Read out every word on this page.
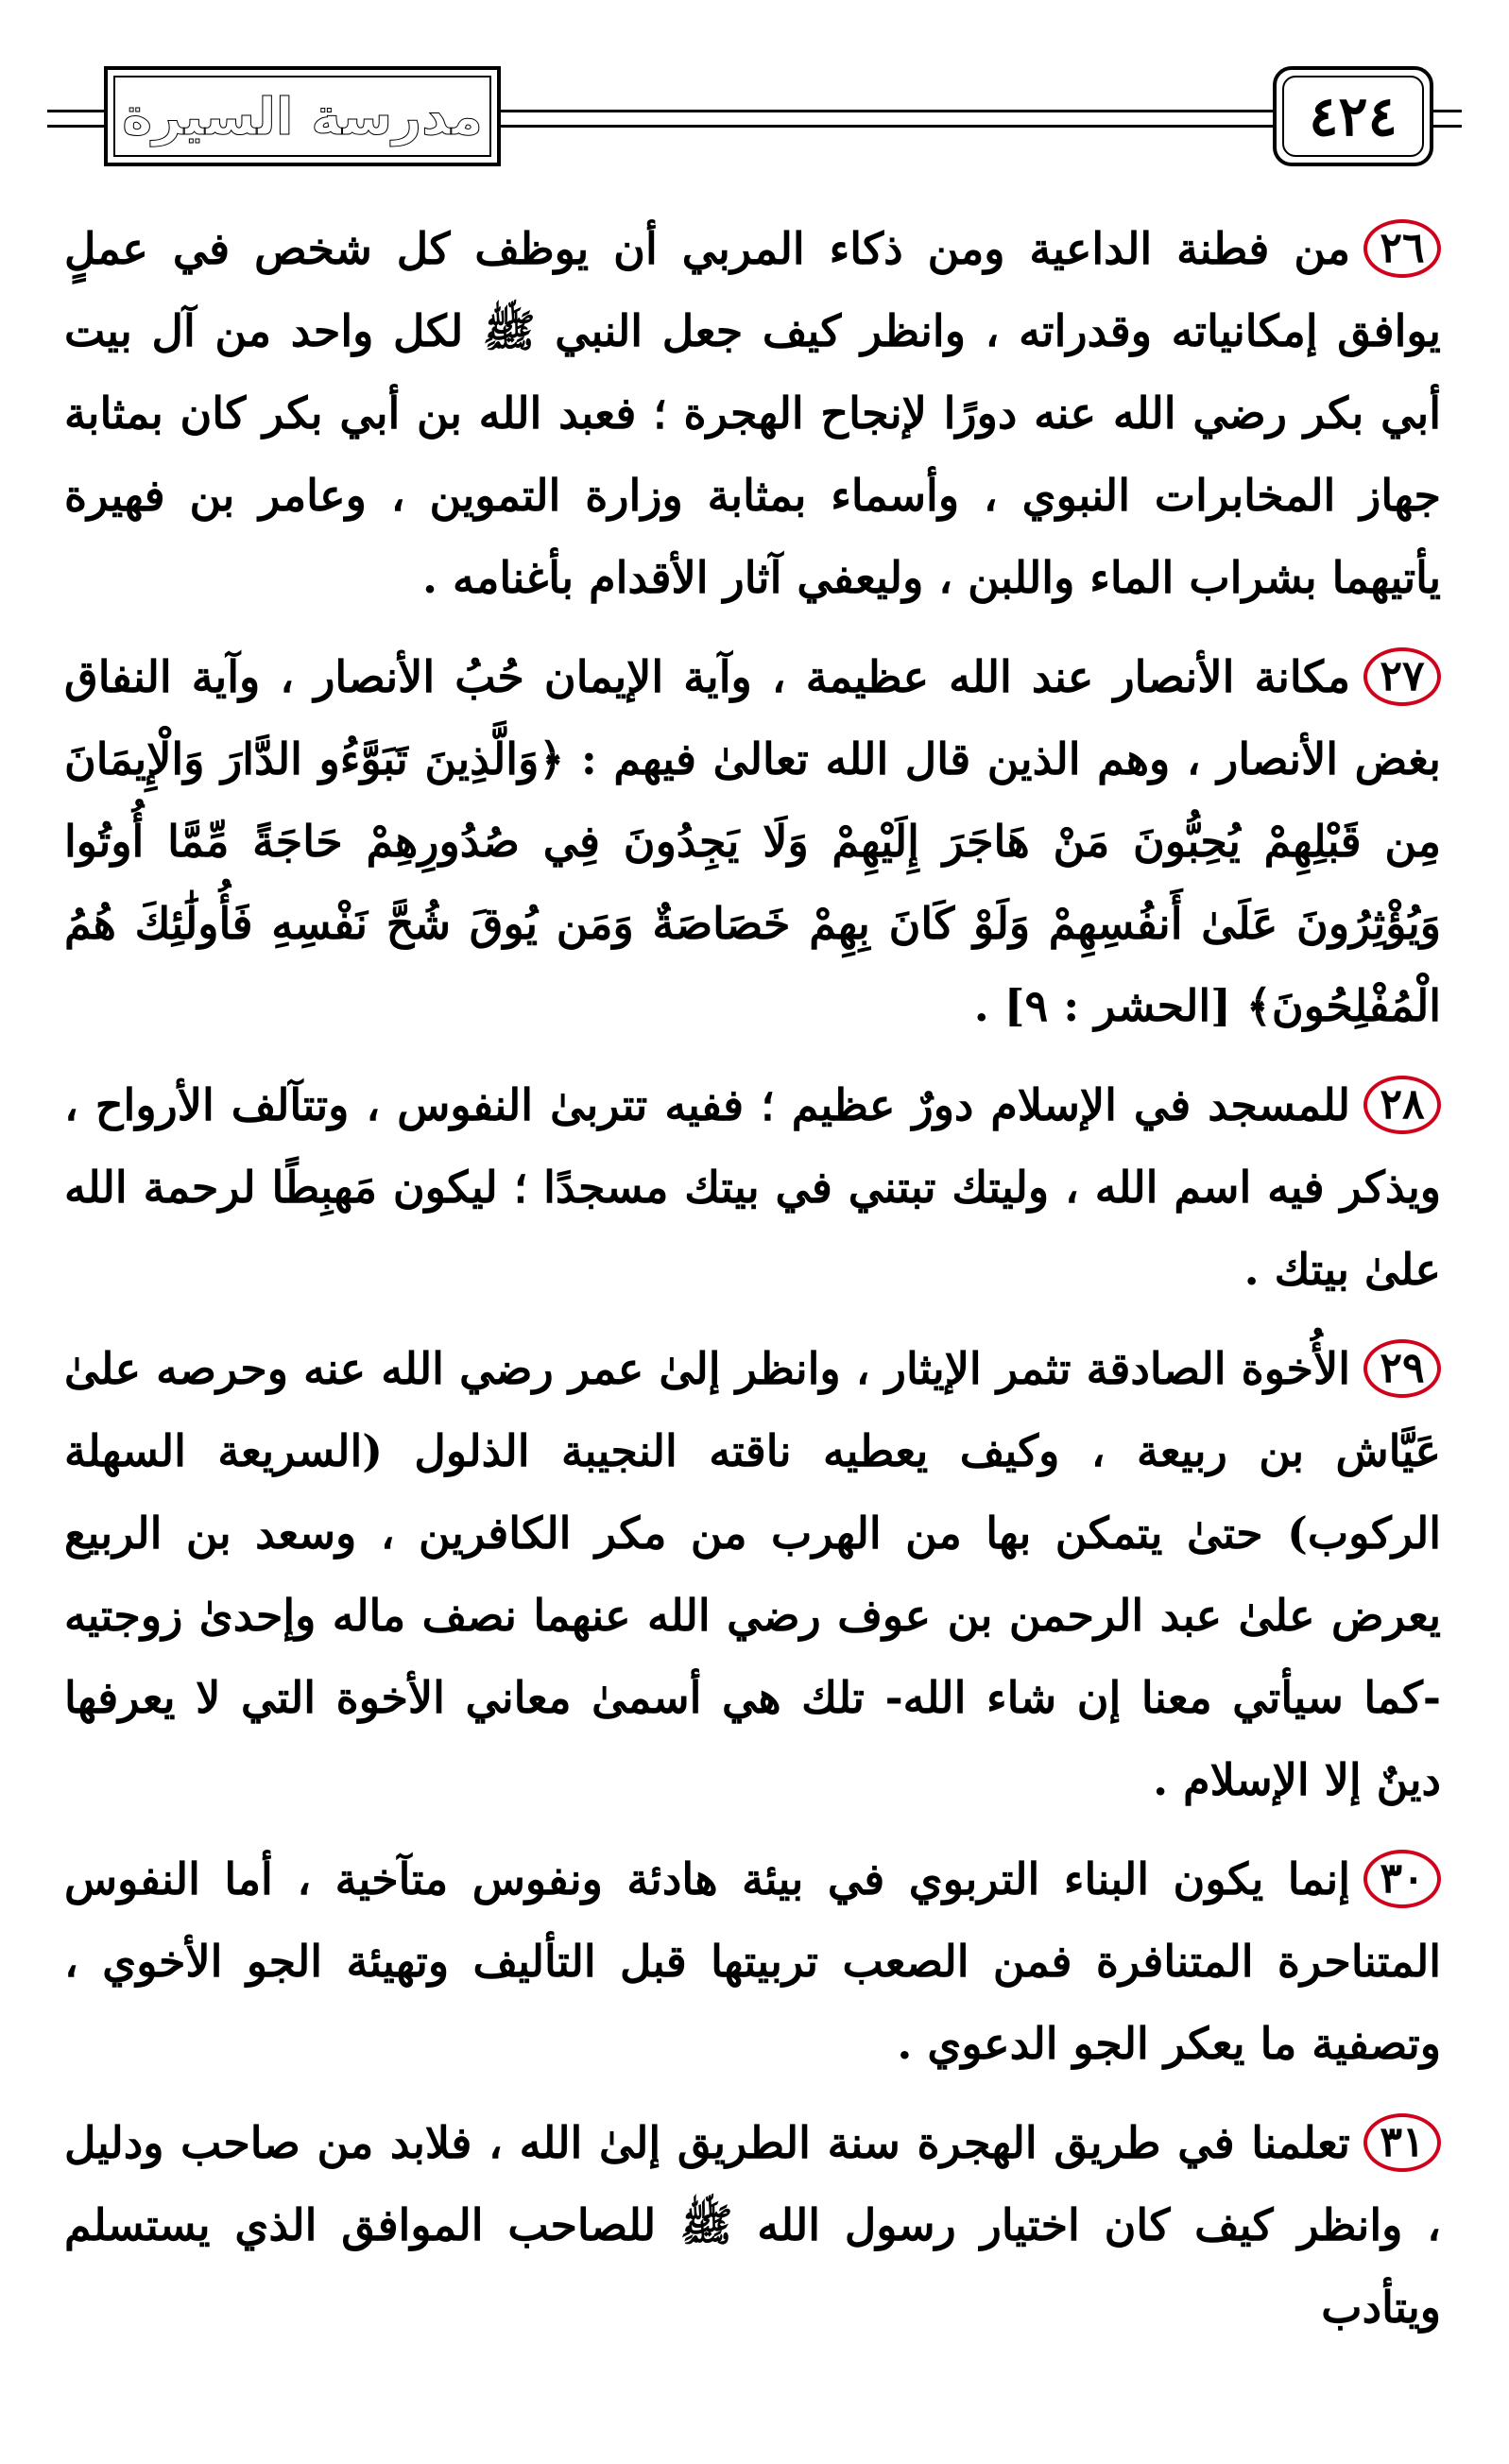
مدرسة السيرة	٤٢٤

٢٦من فطنة الداعية ومن ذكاء المربي أن يوظف كل شخص في عملٍ يوافق إمكانياته وقدراته ، وانظر كيف جعل النبي ﷺ لكل واحد من آل بيت أبي بكر رضي الله عنه دورًا لإنجاح الهجرة ؛ فعبد الله بن أبي بكر كان بمثابة جهاز المخابرات النبوي ، وأسماء بمثابة وزارة التموين ، وعامر بن فهيرة يأتيهما بشراب الماء واللبن ، وليعفي آثار الأقدام بأغنامه .

٢٧مكانة الأنصار عند الله عظيمة ، وآية الإيمان حُبُ الأنصار ، وآية النفاق بغض الأنصار ، وهم الذين قال الله تعالىٰ فيهم : ﴿وَالَّذِينَ تَبَوَّءُو الدَّارَ وَالْإِيمَانَ مِن قَبْلِهِمْ يُحِبُّونَ مَنْ هَاجَرَ إِلَيْهِمْ وَلَا يَجِدُونَ فِي صُدُورِهِمْ حَاجَةً مِّمَّا أُوتُوا وَيُؤْثِرُونَ عَلَىٰ أَنفُسِهِمْ وَلَوْ كَانَ بِهِمْ خَصَاصَةٌ وَمَن يُوقَ شُحَّ نَفْسِهِ فَأُولَٰئِكَ هُمُ الْمُفْلِحُونَ﴾ [الحشر : ٩] .

٢٨للمسجد في الإسلام دورٌ عظيم ؛ ففيه تتربىٰ النفوس ، وتتآلف الأرواح ، ويذكر فيه اسم الله ، وليتك تبتني في بيتك مسجدًا ؛ ليكون مَهبِطًا لرحمة الله علىٰ بيتك .

٢٩الأُخوة الصادقة تثمر الإيثار ، وانظر إلىٰ عمر رضي الله عنه وحرصه علىٰ عَيَّاش بن ربيعة ، وكيف يعطيه ناقته النجيبة الذلول (السريعة السهلة الركوب) حتىٰ يتمكن بها من الهرب من مكر الكافرين ، وسعد بن الربيع يعرض علىٰ عبد الرحمن بن عوف رضي الله عنهما نصف ماله وإحدىٰ زوجتيه -كما سيأتي معنا إن شاء الله- تلك هي أسمىٰ معاني الأخوة التي لا يعرفها دينٌ إلا الإسلام .

٣٠إنما يكون البناء التربوي في بيئة هادئة ونفوس متآخية ، أما النفوس المتناحرة المتنافرة فمن الصعب تربيتها قبل التأليف وتهيئة الجو الأخوي ، وتصفية ما يعكر الجو الدعوي .

٣١تعلمنا في طريق الهجرة سنة الطريق إلىٰ الله ، فلابد من صاحب ودليل ، وانظر كيف كان اختيار رسول الله ﷺ للصاحب الموافق الذي يستسلم ويتأدب
